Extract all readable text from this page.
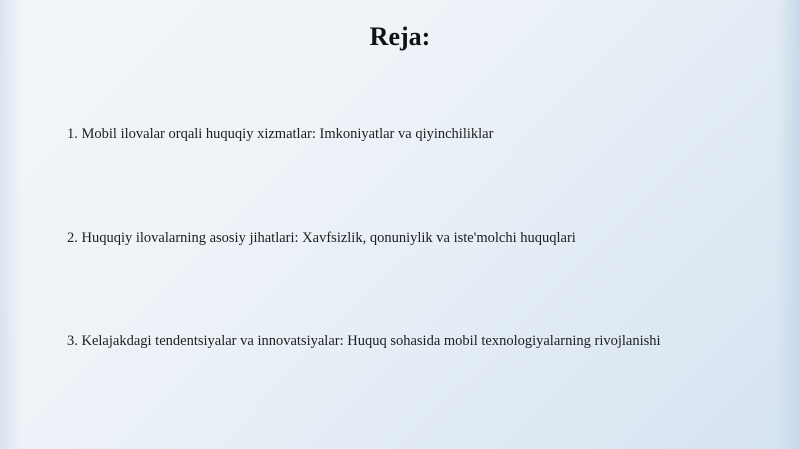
Reja:
1. Mobil ilovalar orqali huquqiy xizmatlar: Imkoniyatlar va qiyinchiliklar
2. Huquqiy ilovalarning asosiy jihatlari: Xavfsizlik, qonuniylik va iste'molchi huquqlari
3. Kelajakdagi tendentsiyalar va innovatsiyalar: Huquq sohasida mobil texnologiyalarning rivojlanishi
